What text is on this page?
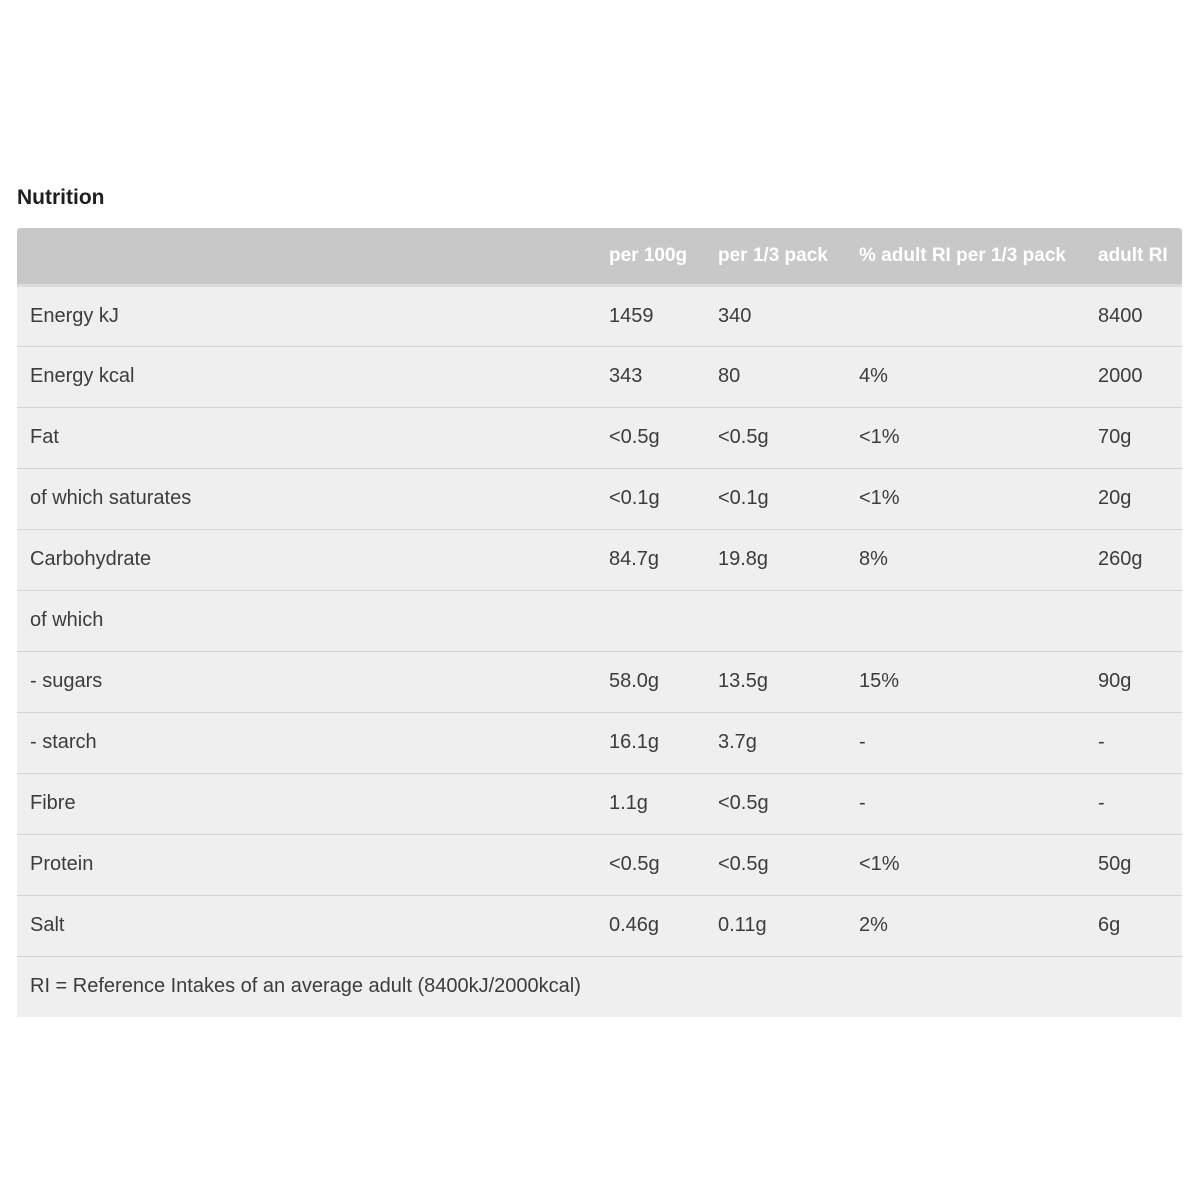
Nutrition
	per 100g	per 1/3 pack	% adult RI per 1/3 pack	adult RI
Energy kJ	1459	340		8400
Energy kcal	343	80	4%	2000
Fat	<0.5g	<0.5g	<1%	70g
of which saturates	<0.1g	<0.1g	<1%	20g
Carbohydrate	84.7g	19.8g	8%	260g
of which				
- sugars	58.0g	13.5g	15%	90g
- starch	16.1g	3.7g	-	-
Fibre	1.1g	<0.5g	-	-
Protein	<0.5g	<0.5g	<1%	50g
Salt	0.46g	0.11g	2%	6g
RI = Reference Intakes of an average adult (8400kJ/2000kcal)				
